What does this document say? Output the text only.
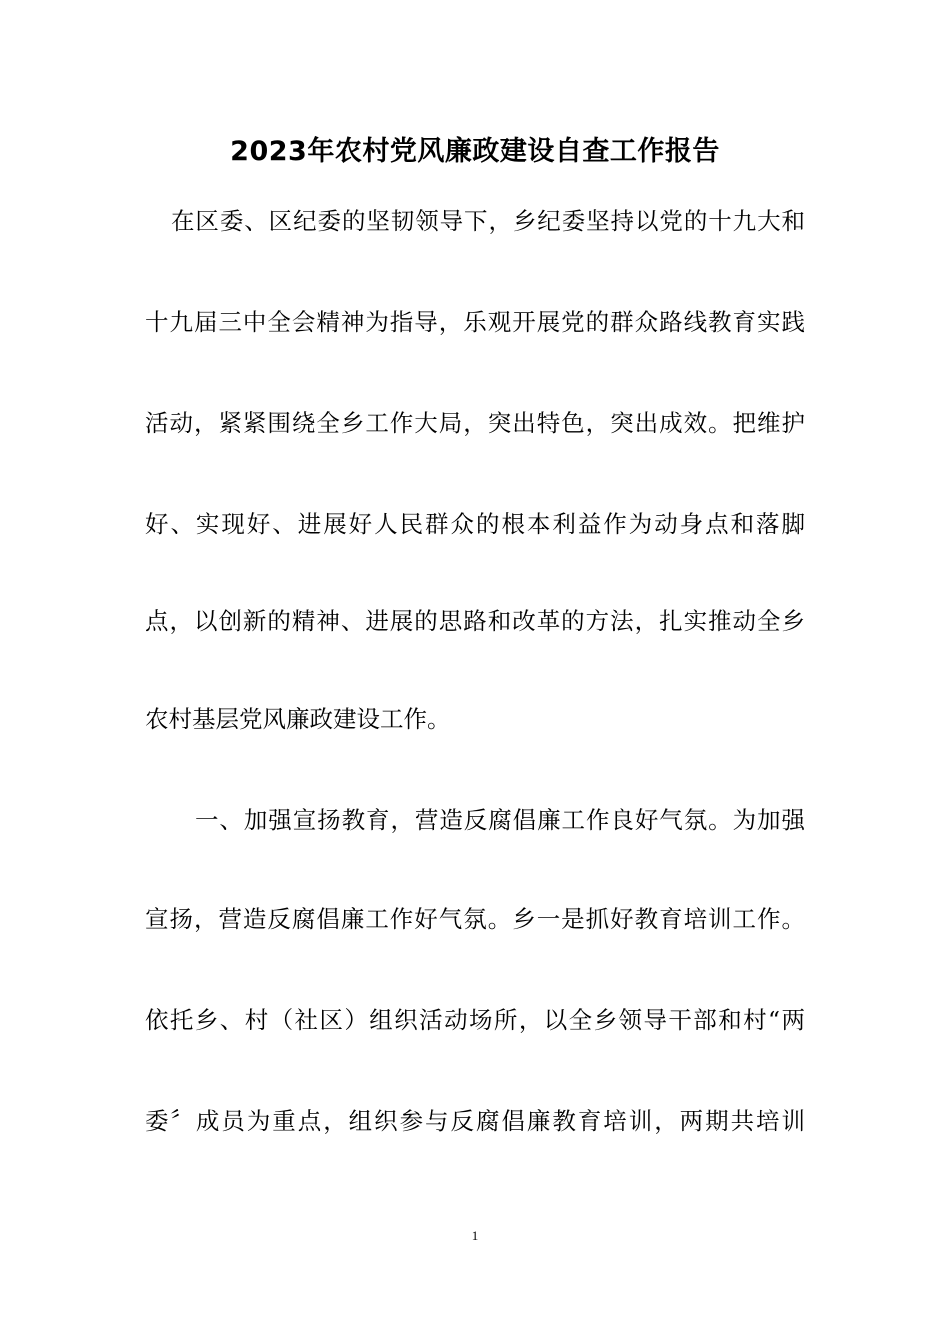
2023年农村党风廉政建设自查工作报告
在区委、区纪委的坚韧领导下，乡纪委坚持以党的十九大和
十九届三中全会精神为指导，乐观开展党的群众路线教育实践
活动，紧紧围绕全乡工作大局，突出特色，突出成效。把维护
好、实现好、进展好人民群众的根本利益作为动身点和落脚
点，以创新的精神、进展的思路和改革的方法，扎实推动全乡
农村基层党风廉政建设工作。
一、加强宣扬教育，营造反腐倡廉工作良好气氛。为加强
宣扬，营造反腐倡廉工作好气氛。乡一是抓好教育培训工作。
依托乡、村（社区）组织活动场所，以全乡领导干部和村“两
委〞成员为重点，组织参与反腐倡廉教育培训，两期共培训
1
